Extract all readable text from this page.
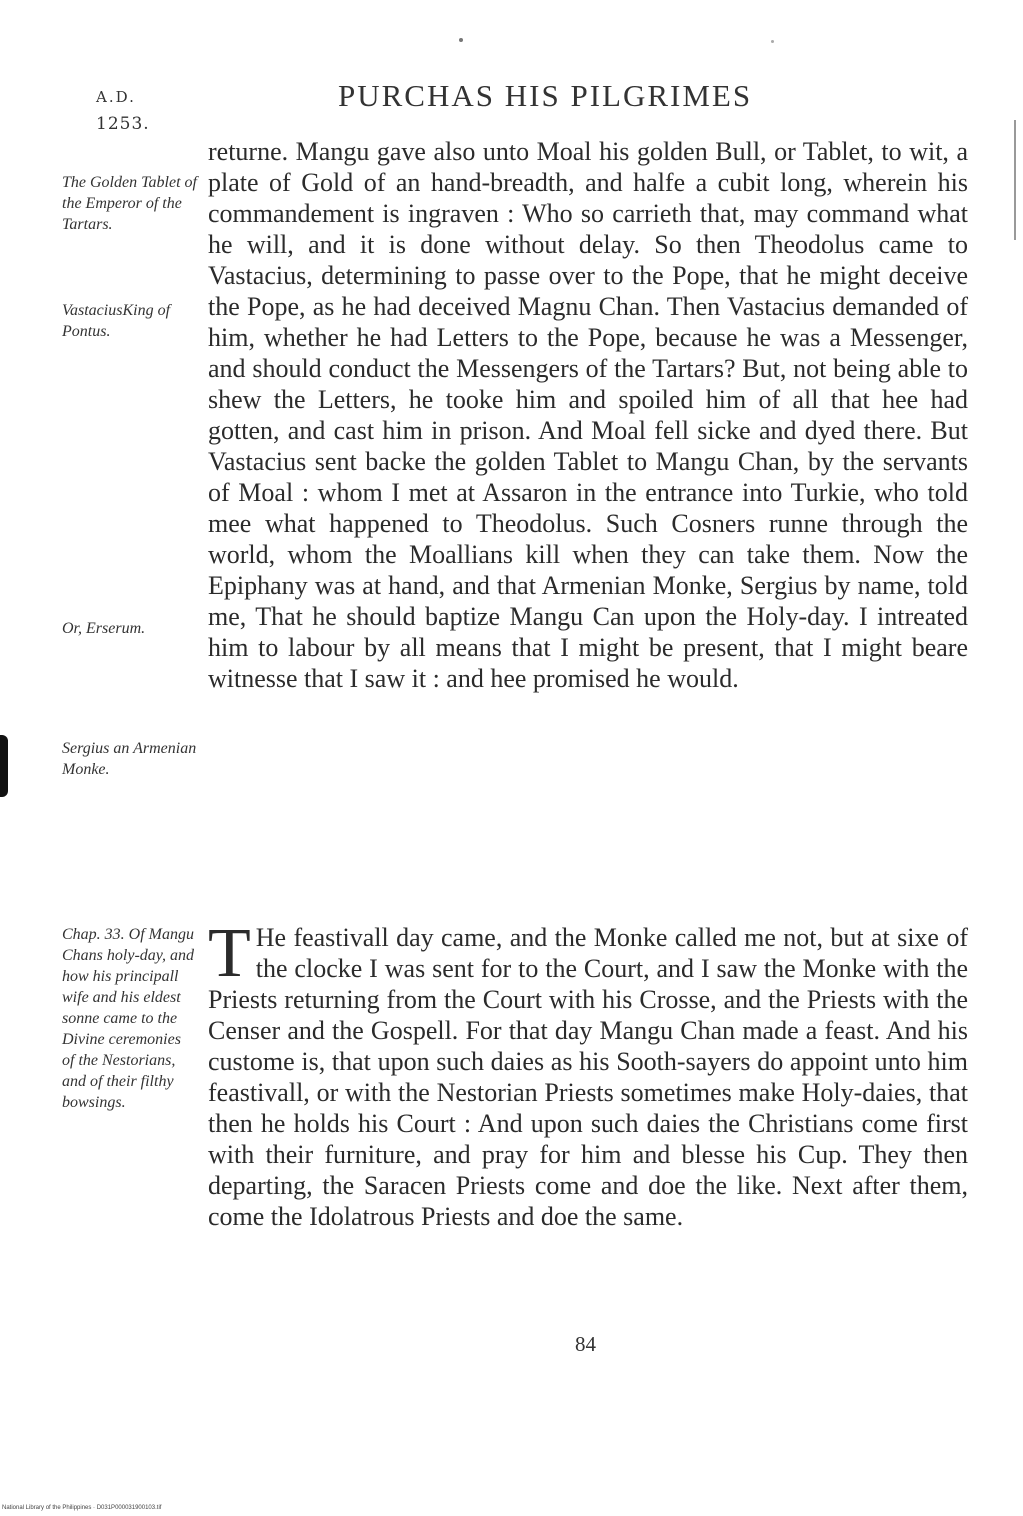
A.D.
1253.
PURCHAS HIS PILGRIMES
The Golden Tablet of the Emperor of the Tartars.
VastaciusKing of Pontus.
Or, Erserum.
Sergius an Armenian Monke.
Chap. 33. Of Mangu Chans holy-day, and how his principall wife and his eldest sonne came to the Divine ceremonies of the Nestorians, and of their filthy bowsings.
returne. Mangu gave also unto Moal his golden Bull, or Tablet, to wit, a plate of Gold of an hand-breadth, and halfe a cubit long, wherein his commandement is ingraven : Who so carrieth that, may command what he will, and it is done without delay. So then Theodolus came to Vastacius, determining to passe over to the Pope, that he might deceive the Pope, as he had deceived Magnu Chan. Then Vastacius demanded of him, whether he had Letters to the Pope, because he was a Messenger, and should conduct the Messengers of the Tartars? But, not being able to shew the Letters, he tooke him and spoiled him of all that hee had gotten, and cast him in prison. And Moal fell sicke and dyed there. But Vastacius sent backe the golden Tablet to Mangu Chan, by the servants of Moal : whom I met at Assaron in the entrance into Turkie, who told mee what happened to Theodolus. Such Cosners runne through the world, whom the Moallians kill when they can take them. Now the Epiphany was at hand, and that Armenian Monke, Sergius by name, told me, That he should baptize Mangu Can upon the Holy-day. I intreated him to labour by all means that I might be present, that I might beare witnesse that I saw it : and hee promised he would.
T He feastivall day came, and the Monke called me not, but at sixe of the clocke I was sent for to the Court, and I saw the Monke with the Priests returning from the Court with his Crosse, and the Priests with the Censer and the Gospell. For that day Mangu Chan made a feast. And his custome is, that upon such daies as his Sooth-sayers do appoint unto him feastivall, or with the Nestorian Priests sometimes make Holy-daies, that then he holds his Court : And upon such daies the Christians come first with their furniture, and pray for him and blesse his Cup. They then departing, the Saracen Priests come and doe the like. Next after them, come the Idolatrous Priests and doe the same.
84
National Library of the Philippines · D031P000031900103.tif
